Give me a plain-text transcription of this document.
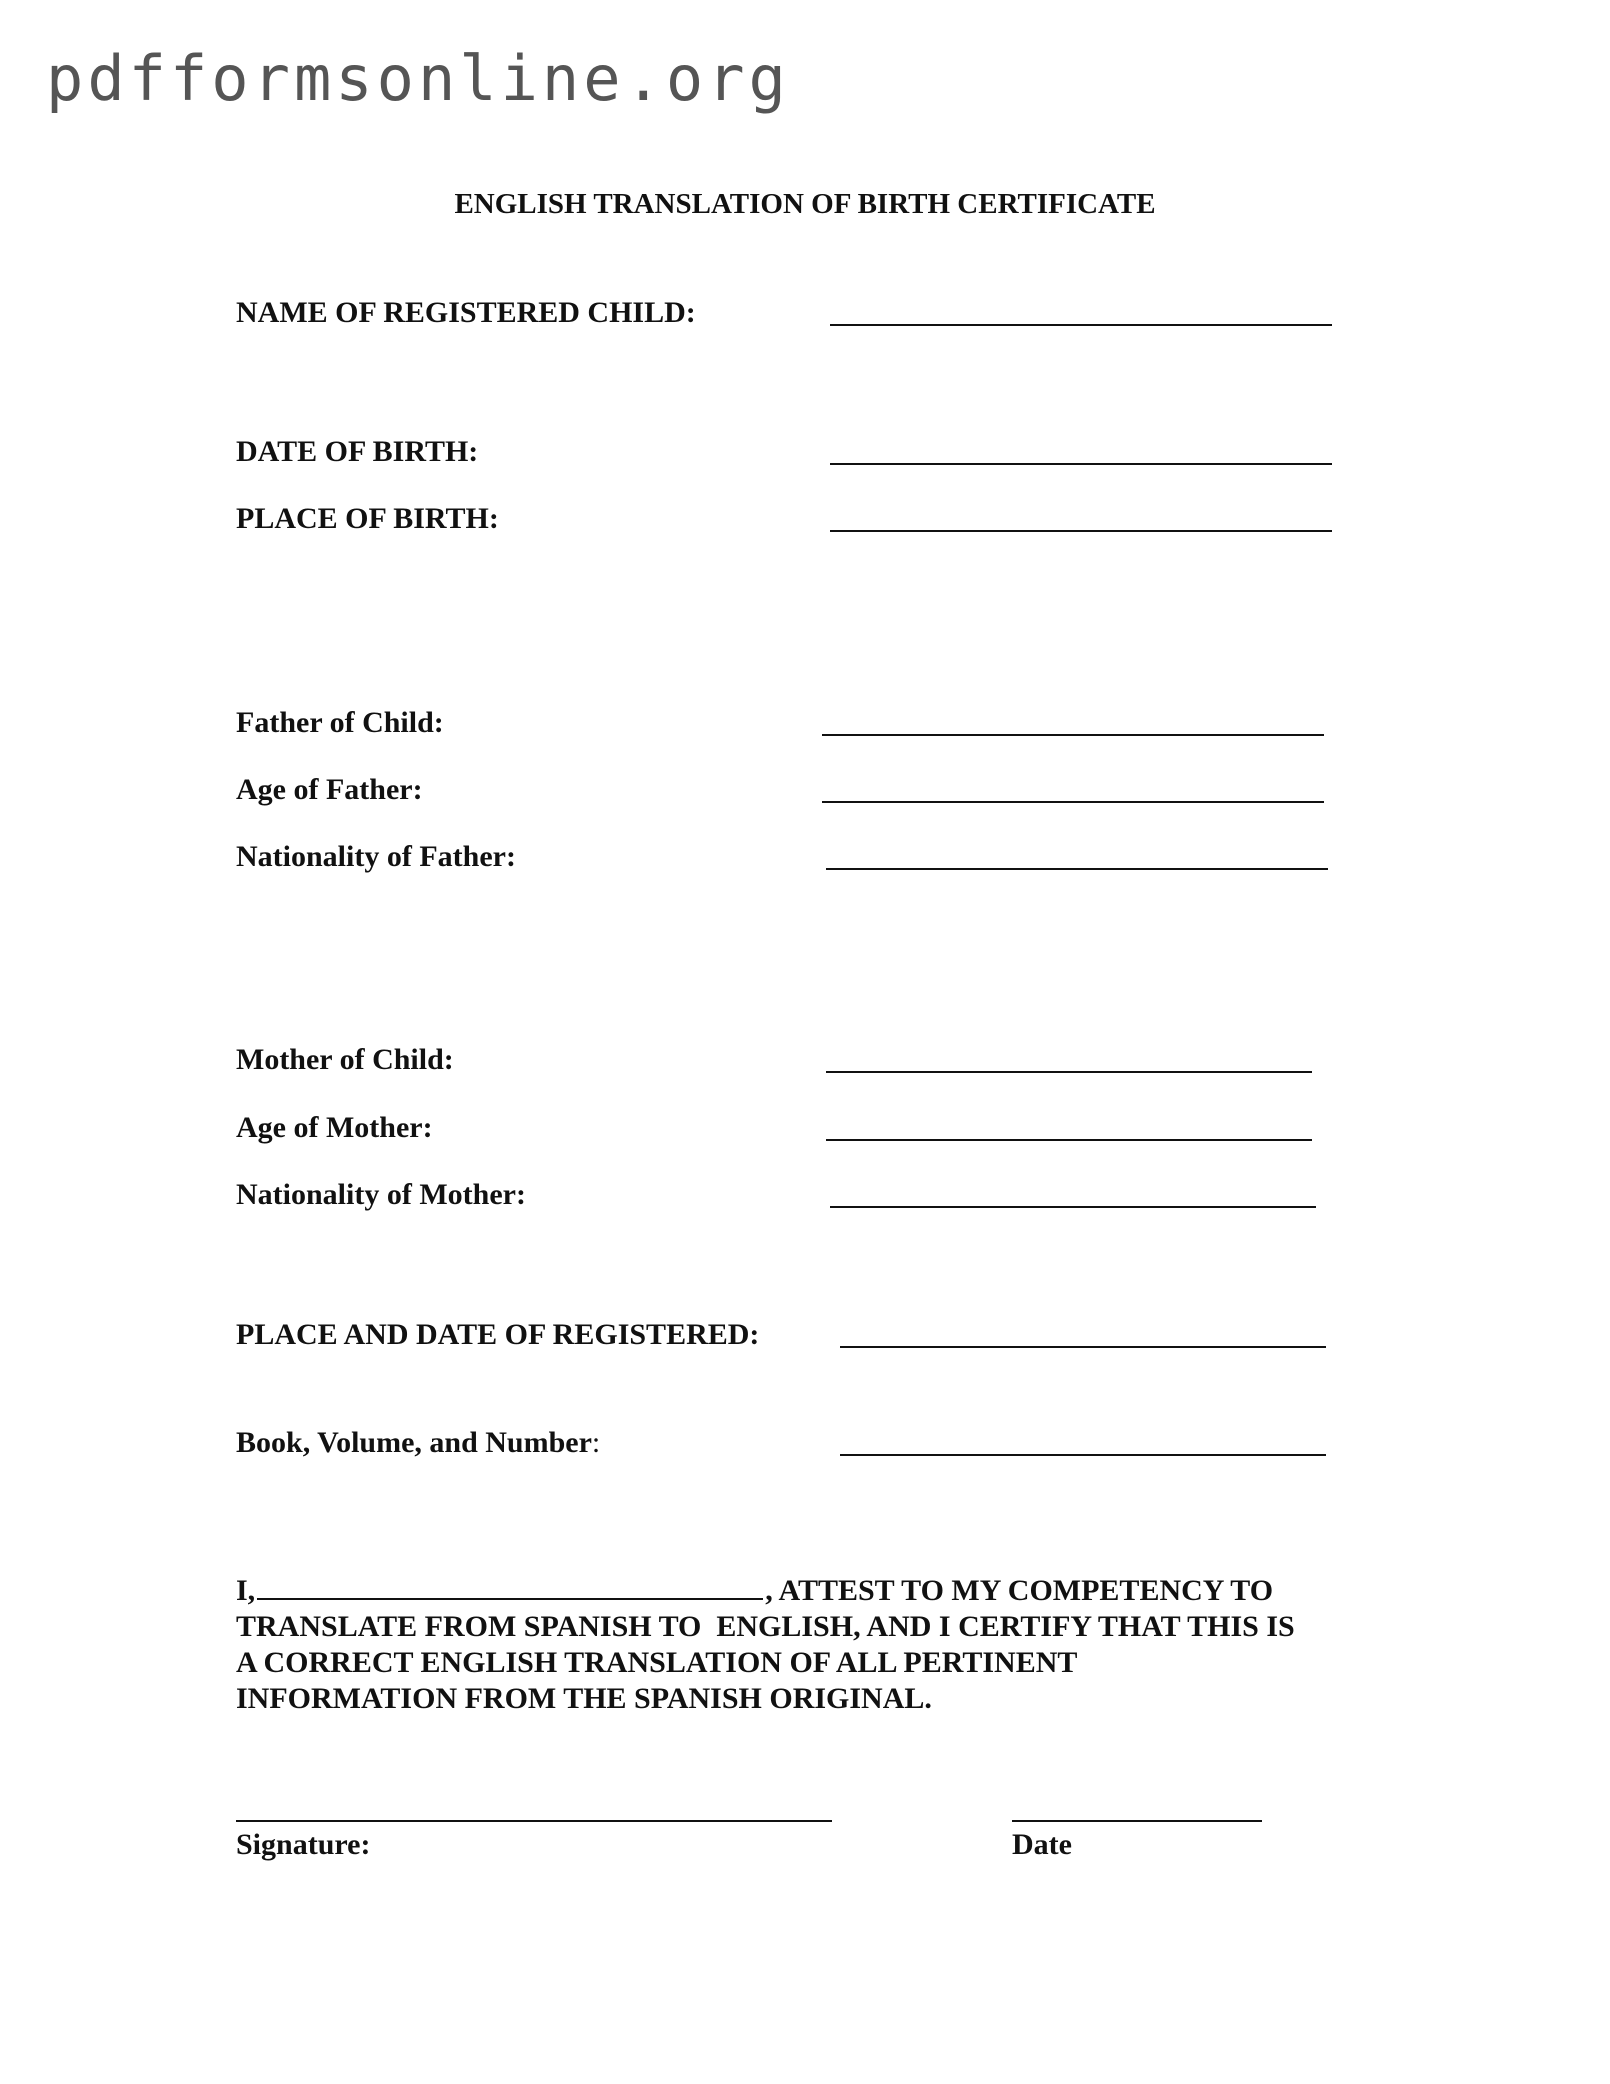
pdfformsonline.org
ENGLISH TRANSLATION OF BIRTH CERTIFICATE
NAME OF REGISTERED CHILD:
DATE OF BIRTH:
PLACE OF BIRTH:
Father of Child:
Age of Father:
Nationality of Father:
Mother of Child:
Age of Mother:
Nationality of Mother:
PLACE AND DATE OF REGISTERED:
Book, Volume, and Number:
I,	, ATTEST TO MY COMPETENCY TO
TRANSLATE FROM SPANISH TO  ENGLISH, AND I CERTIFY THAT THIS IS
A CORRECT ENGLISH TRANSLATION OF ALL PERTINENT
INFORMATION FROM THE SPANISH ORIGINAL.
Signature:	Date
